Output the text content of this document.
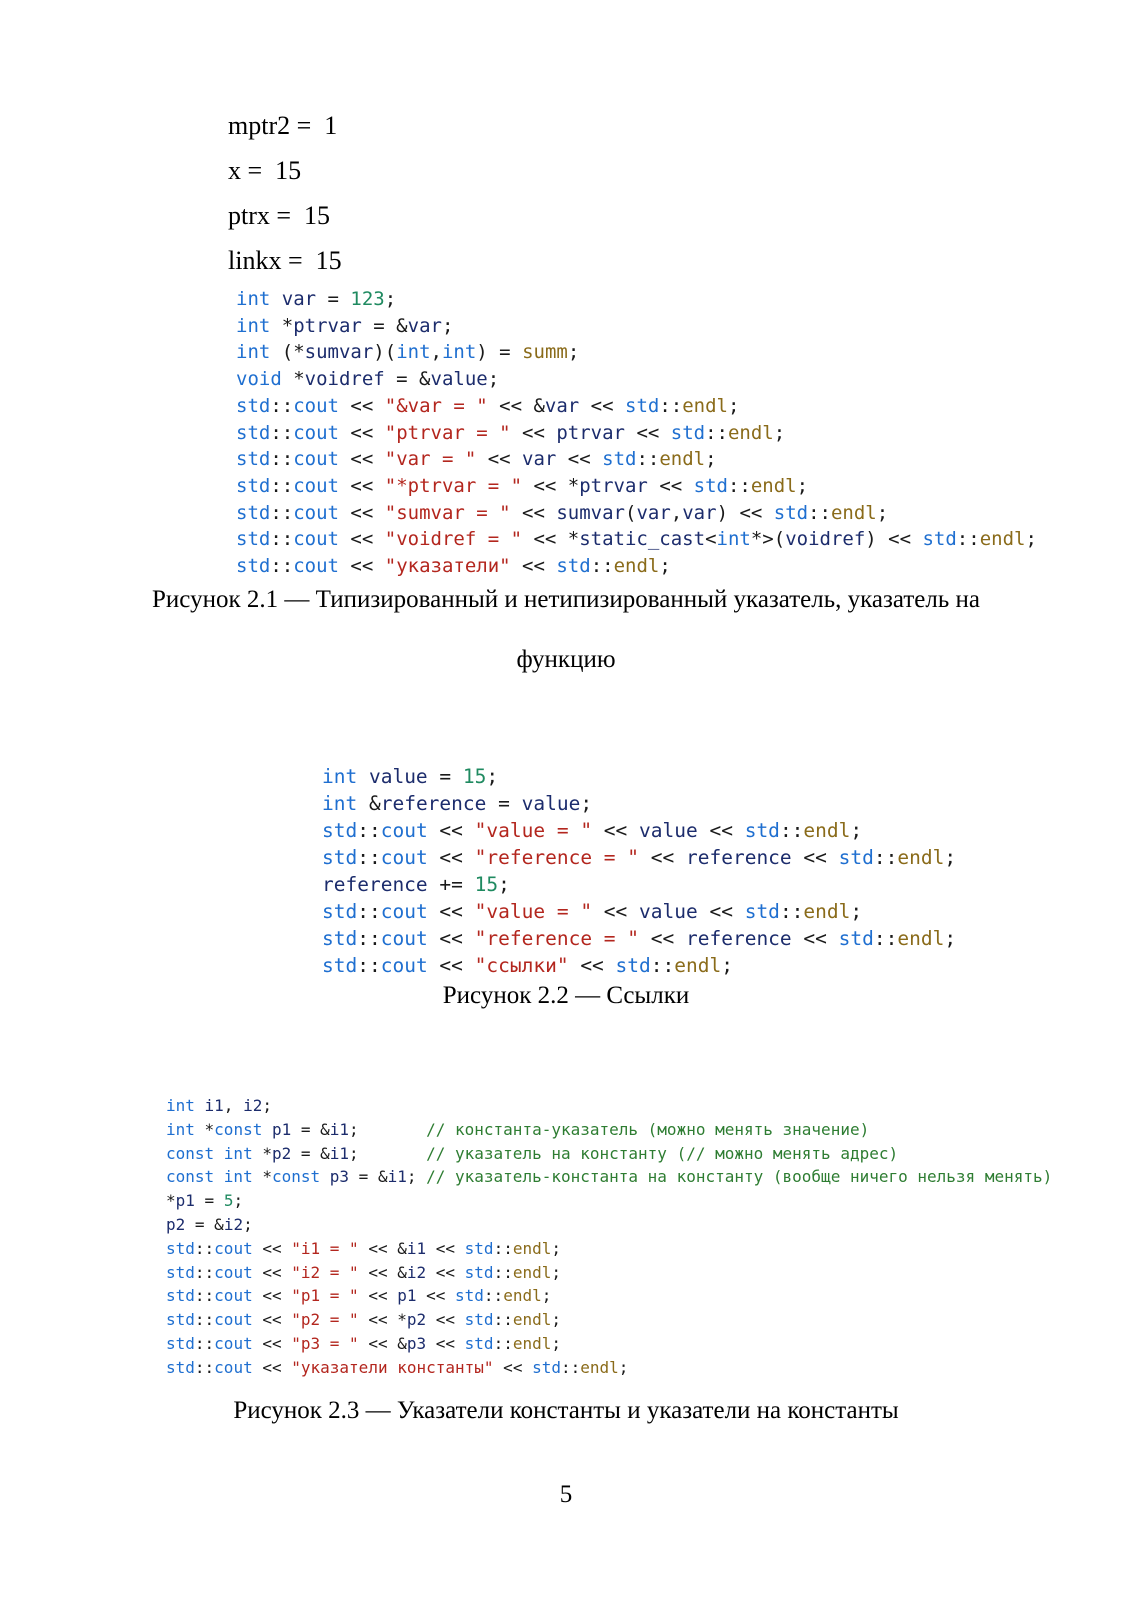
mptr2 =  1
x =  15
ptrx =  15
linkx =  15
int var = 123;
int *ptrvar = &var;
int (*sumvar)(int,int) = summ;
void *voidref = &value;
std::cout << "&var = " << &var << std::endl;
std::cout << "ptrvar = " << ptrvar << std::endl;
std::cout << "var = " << var << std::endl;
std::cout << "*ptrvar = " << *ptrvar << std::endl;
std::cout << "sumvar = " << sumvar(var,var) << std::endl;
std::cout << "voidref = " << *static_cast<int*>(voidref) << std::endl;
std::cout << "указатели" << std::endl;
Рисунок 2.1 — Типизированный и нетипизированный указатель, указатель на
функцию
int value = 15;
int &reference = value;
std::cout << "value = " << value << std::endl;
std::cout << "reference = " << reference << std::endl;
reference += 15;
std::cout << "value = " << value << std::endl;
std::cout << "reference = " << reference << std::endl;
std::cout << "ссылки" << std::endl;
Рисунок 2.2 — Ссылки
int i1, i2;
int *const p1 = &i1;       // константа-указатель (можно менять значение)
const int *p2 = &i1;       // указатель на константу (// можно менять адрес)
const int *const p3 = &i1; // указатель-константа на константу (вообще ничего нельзя менять)
*p1 = 5;
p2 = &i2;
std::cout << "i1 = " << &i1 << std::endl;
std::cout << "i2 = " << &i2 << std::endl;
std::cout << "p1 = " << p1 << std::endl;
std::cout << "p2 = " << *p2 << std::endl;
std::cout << "p3 = " << &p3 << std::endl;
std::cout << "указатели константы" << std::endl;
Рисунок 2.3 — Указатели константы и указатели на константы
5
